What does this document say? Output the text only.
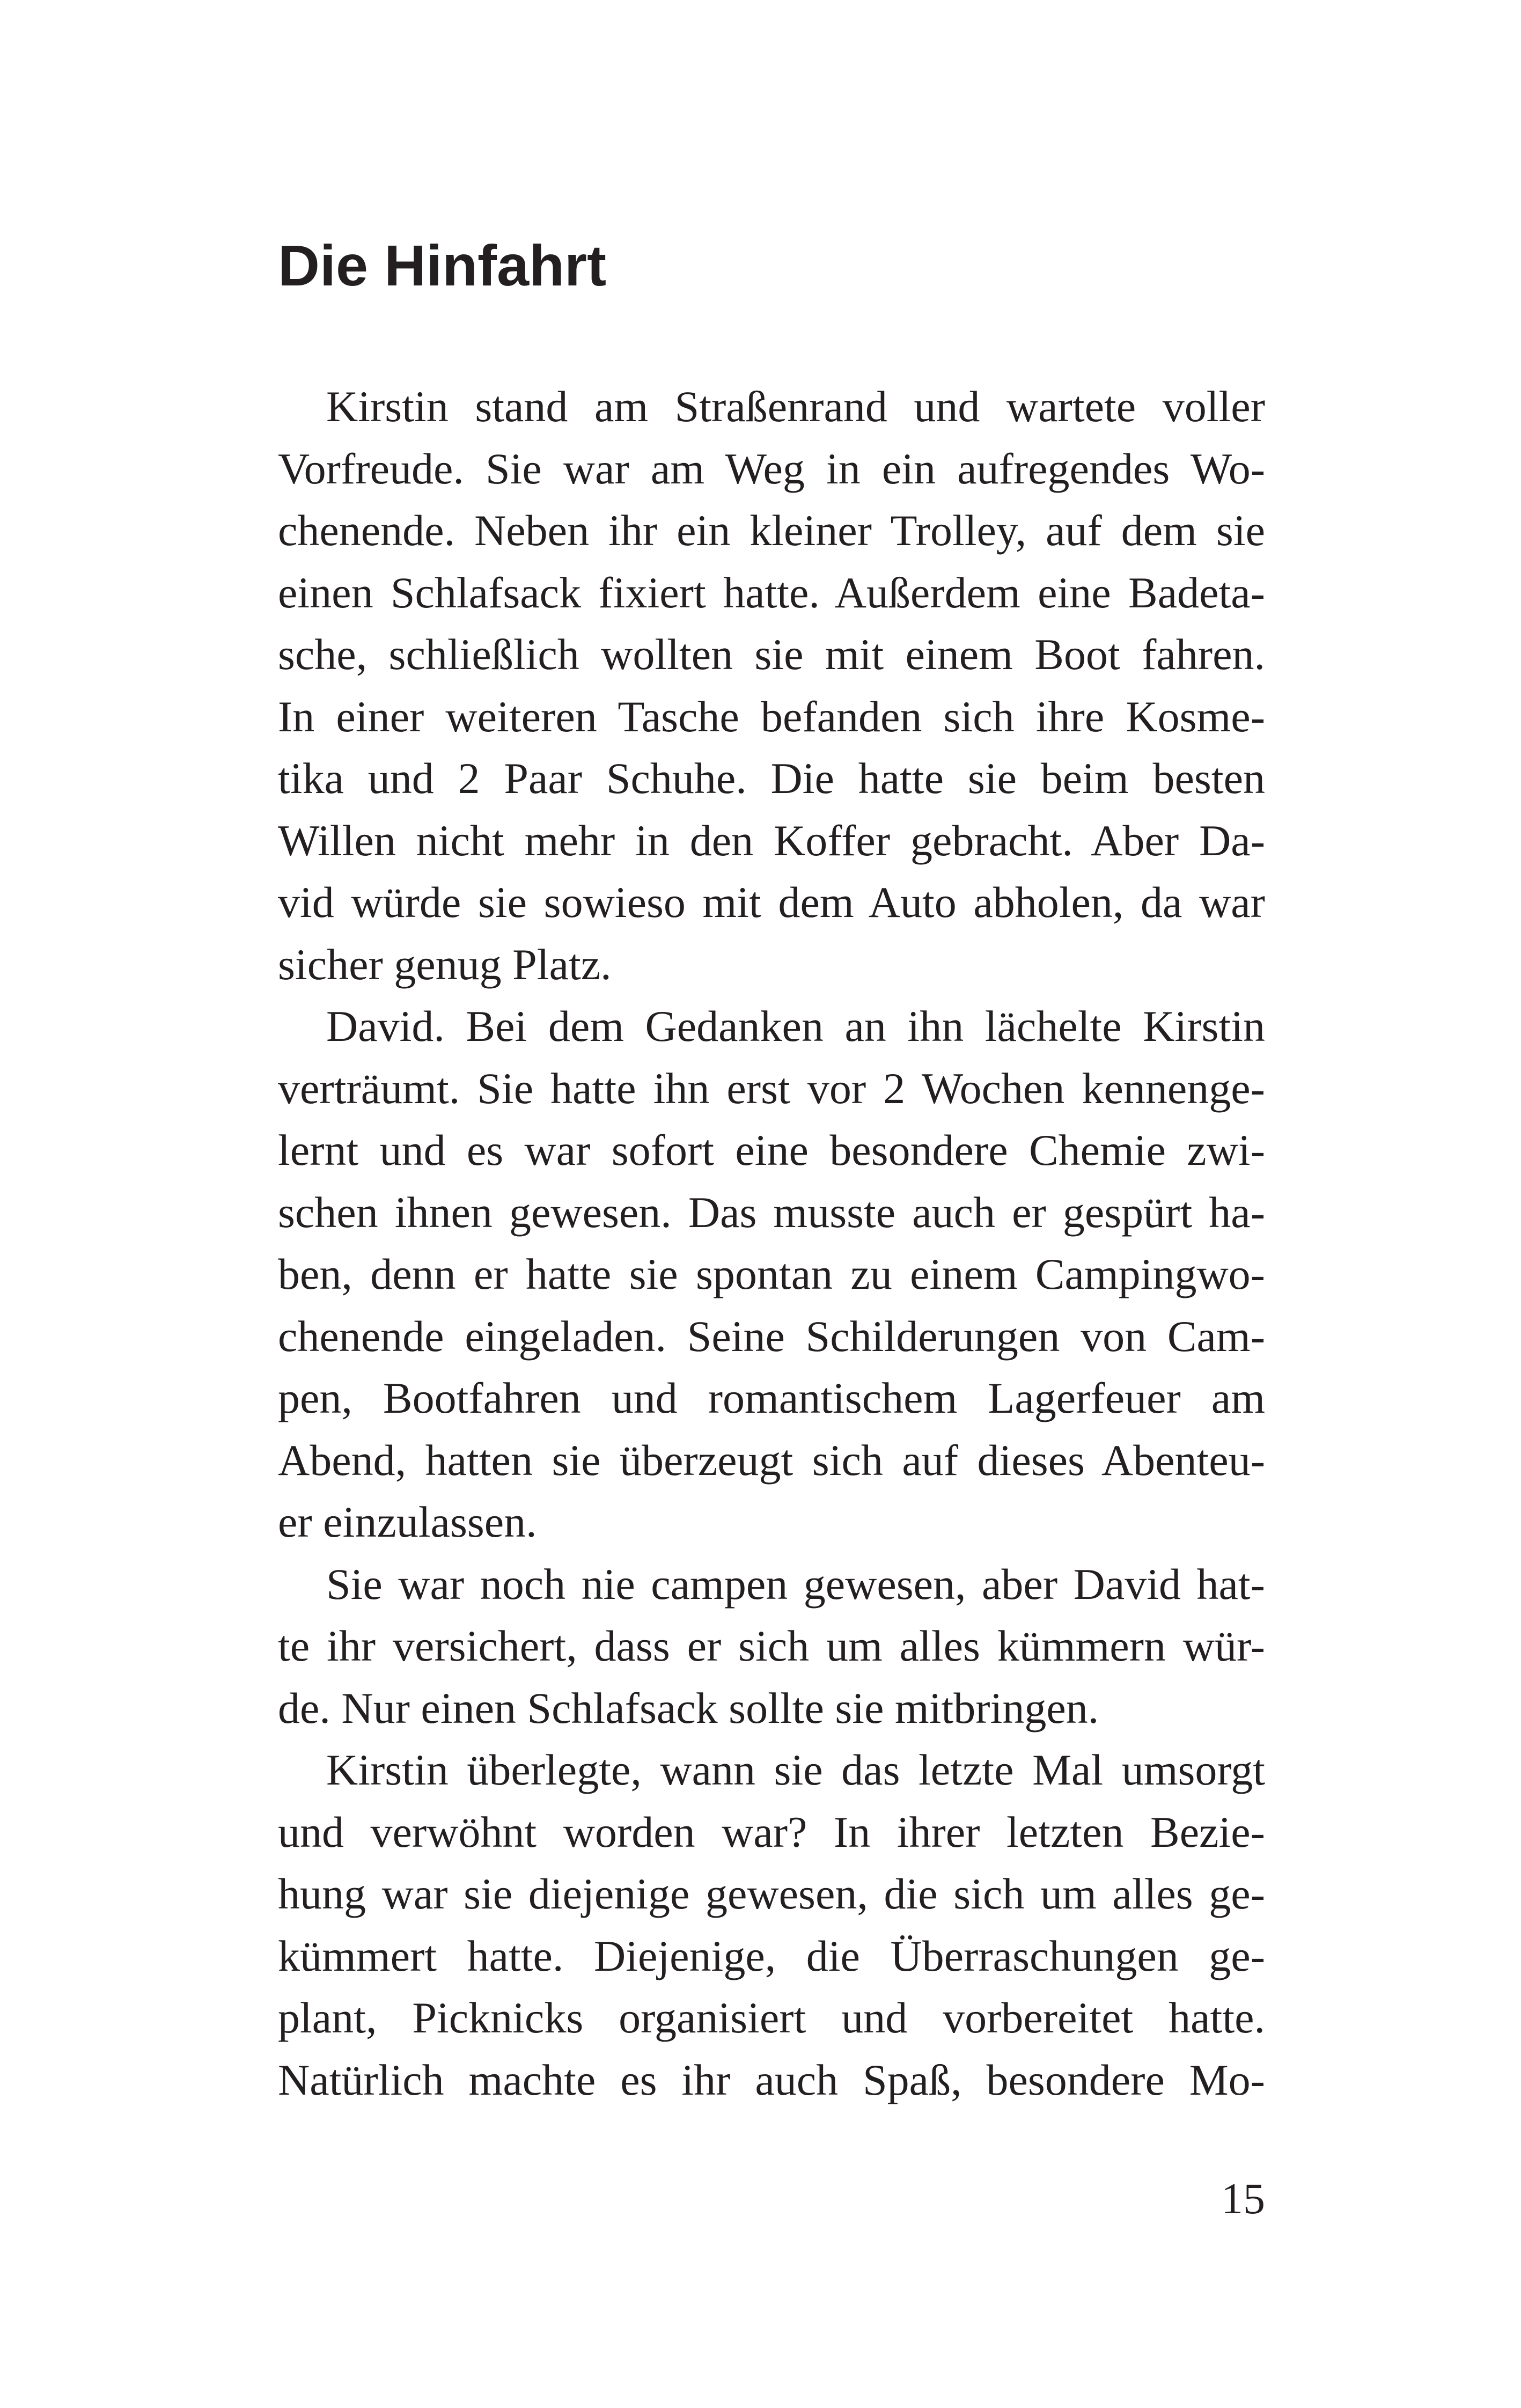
Die Hinfahrt
Kirstin stand am Straßenrand und wartete voller
Vorfreude. Sie war am Weg in ein aufregendes Wo-
chenende. Neben ihr ein kleiner Trolley, auf dem sie
einen Schlafsack fixiert hatte. Außerdem eine Badeta-
sche, schließlich wollten sie mit einem Boot fahren.
In einer weiteren Tasche befanden sich ihre Kosme-
tika und 2 Paar Schuhe. Die hatte sie beim besten
Willen nicht mehr in den Koffer gebracht. Aber Da-
vid würde sie sowieso mit dem Auto abholen, da war
sicher genug Platz.
David. Bei dem Gedanken an ihn lächelte Kirstin
verträumt. Sie hatte ihn erst vor 2 Wochen kennenge-
lernt und es war sofort eine besondere Chemie zwi-
schen ihnen gewesen. Das musste auch er gespürt ha-
ben, denn er hatte sie spontan zu einem Campingwo-
chenende eingeladen. Seine Schilderungen von Cam-
pen, Bootfahren und romantischem Lagerfeuer am
Abend, hatten sie überzeugt sich auf dieses Abenteu-
er einzulassen.
Sie war noch nie campen gewesen, aber David hat-
te ihr versichert, dass er sich um alles kümmern wür-
de. Nur einen Schlafsack sollte sie mitbringen.
Kirstin überlegte, wann sie das letzte Mal umsorgt
und verwöhnt worden war? In ihrer letzten Bezie-
hung war sie diejenige gewesen, die sich um alles ge-
kümmert hatte. Diejenige, die Überraschungen ge-
plant, Picknicks organisiert und vorbereitet hatte.
Natürlich machte es ihr auch Spaß, besondere Mo-
15
